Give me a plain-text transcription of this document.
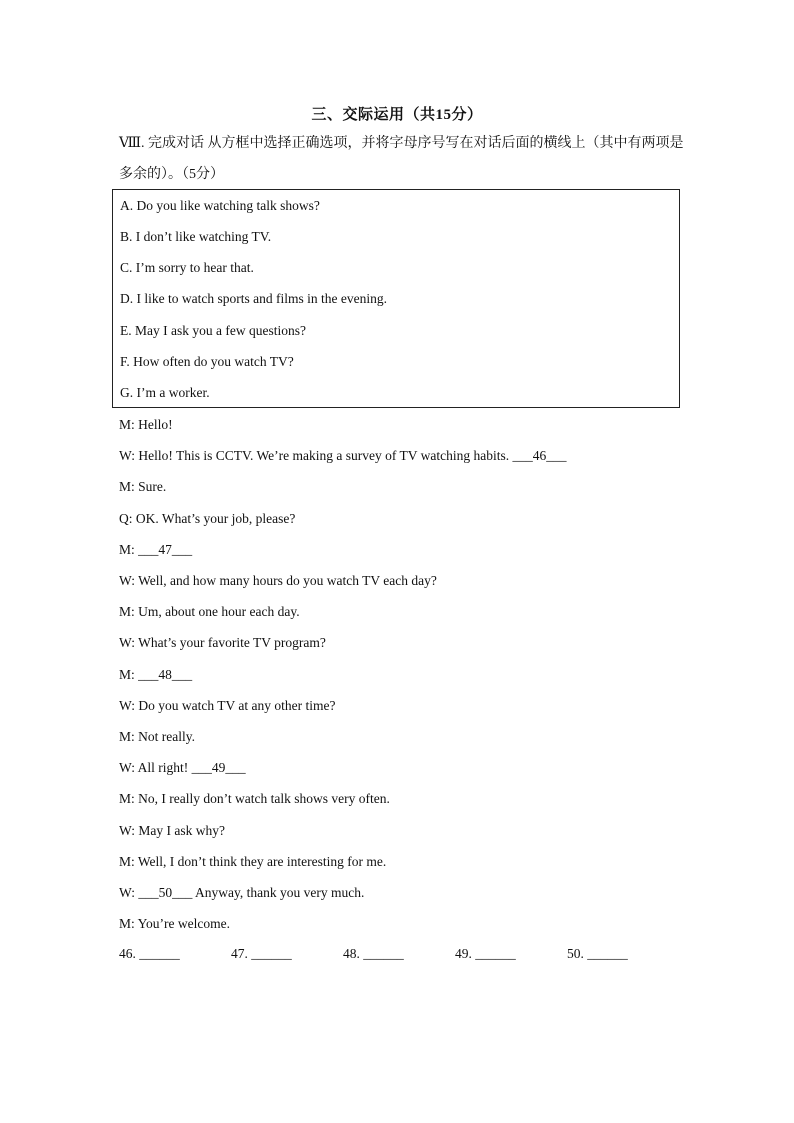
三、交际运用（共15分）
Ⅷ. 完成对话 从方框中选择正确选项，并将字母序号写在对话后面的横线上（其中有两项是
多余的）。（5分）
A. Do you like watching talk shows?
B. I don’t like watching TV.
C. I’m sorry to hear that.
D. I like to watch sports and films in the evening.
E. May I ask you a few questions?
F. How often do you watch TV?
G. I’m a worker.
M: Hello!
W: Hello! This is CCTV. We’re making a survey of TV watching habits. ___46___
M: Sure.
Q: OK. What’s your job, please?
M: ___47___
W: Well, and how many hours do you watch TV each day?
M: Um, about one hour each day.
W: What’s your favorite TV program?
M: ___48___
W: Do you watch TV at any other time?
M: Not really.
W: All right! ___49___
M: No, I really don’t watch talk shows very often.
W: May I ask why?
M: Well, I don’t think they are interesting for me.
W: ___50___ Anyway, thank you very much.
M: You’re welcome.
46. ______	47. ______	48. ______	49. ______	50. ______
